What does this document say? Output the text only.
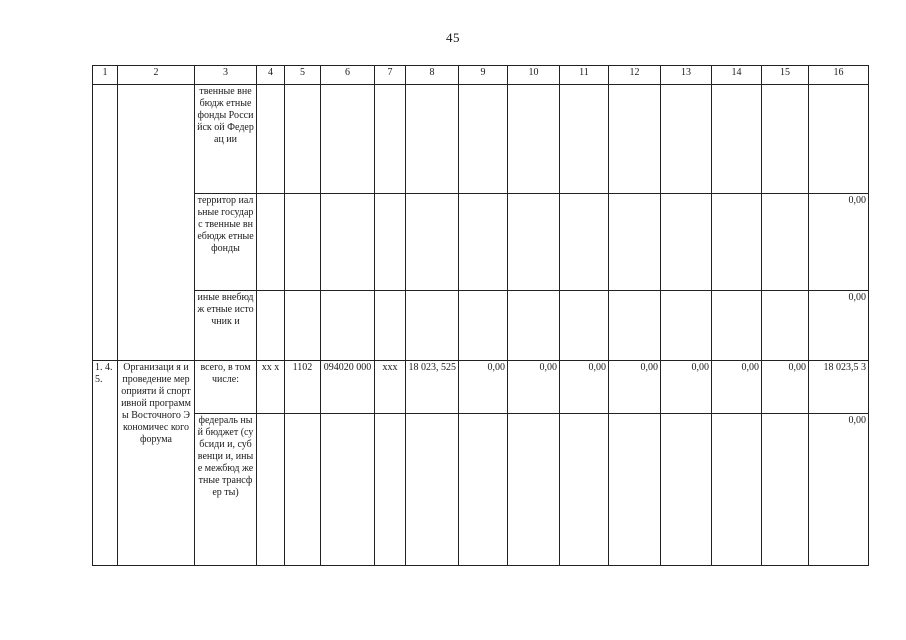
45
1	2	3	4	5	6	7	8	9	10	11	12	13	14	15	16
		твенные внебюдж етные фонды Российск ой Федерац ии													
		территор иальные государс твенные внебюдж етные фонды													0,00
		иные внебюдж етные источник и													0,00
1. 4. 5.	Организаци я и проведение мероприяти й спортивной программы Восточного Экономичес кого форума	всего, в том числе:	хх х	1102	094020 000	ххх	18 023, 525	0,00	0,00	0,00	0,00	0,00	0,00	0,00	18 023,5 3
		федераль ный бюджет (субсиди и, субвенци и, иные межбюд жетные трансфер ты)													0,00
